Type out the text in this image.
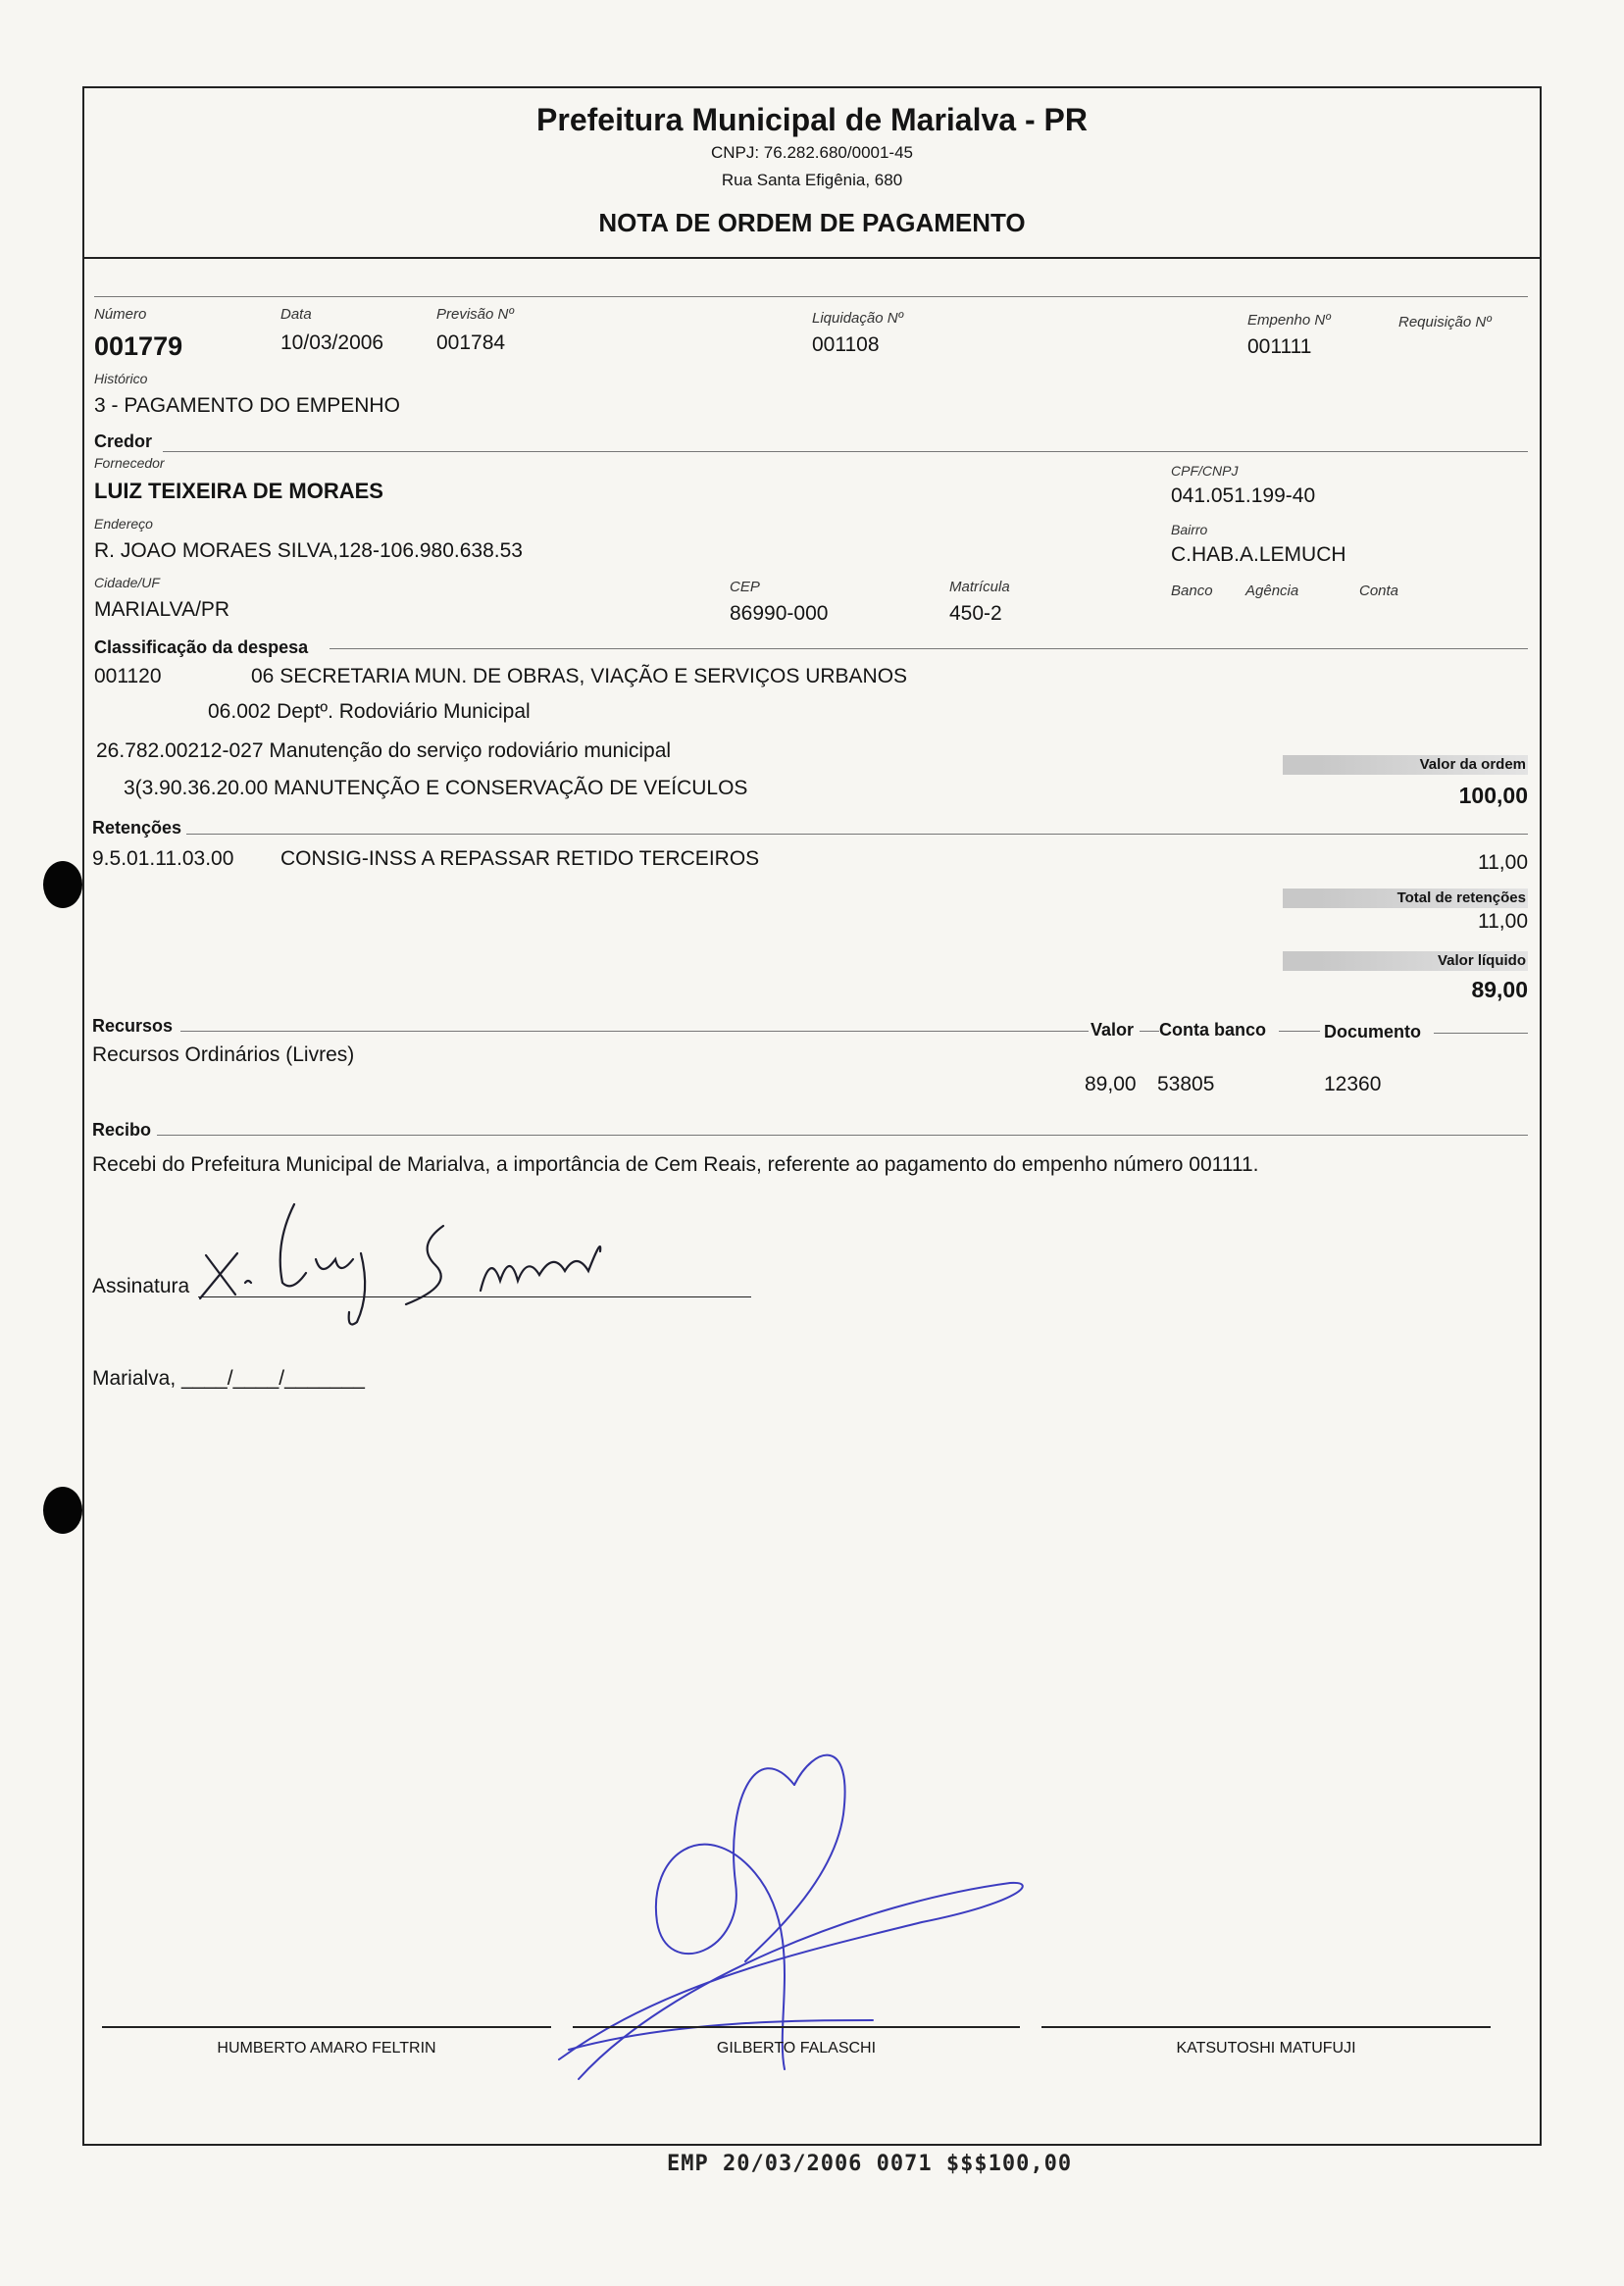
Prefeitura Municipal de Marialva - PR
CNPJ: 76.282.680/0001-45
Rua Santa Efigênia, 680
NOTA DE ORDEM DE PAGAMENTO
Número
001779
Data
10/03/2006
Previsão Nº
001784
Liquidação Nº
001108
Empenho Nº
001111
Requisição Nº
Histórico
3 - PAGAMENTO DO EMPENHO
Credor
Fornecedor
LUIZ TEIXEIRA DE MORAES
CPF/CNPJ
041.051.199-40
Endereço
R. JOAO MORAES SILVA,128-106.980.638.53
Bairro
C.HAB.A.LEMUCH
Cidade/UF
MARIALVA/PR
CEP
86990-000
Matrícula
450-2
Banco Agência	Conta
Classificação da despesa
001120	06 SECRETARIA MUN. DE OBRAS, VIAÇÃO E SERVIÇOS URBANOS
06.002 Deptº. Rodoviário Municipal
26.782.00212-027 Manutenção do serviço rodoviário municipal
3(3.90.36.20.00 MANUTENÇÃO E CONSERVAÇÃO DE VEÍCULOS
Valor da ordem
100,00
Retenções
9.5.01.11.03.00 CONSIG-INSS A REPASSAR RETIDO TERCEIROS	11,00
Total de retenções
11,00
Valor líquido
89,00
Recursos	Valor Conta banco	Documento
Recursos Ordinários (Livres)
89,00 53805	12360
Recibo
Recebi do Prefeitura Municipal de Marialva, a importância de Cem Reais, referente ao pagamento do empenho número 001111.
Assinatura
Marialva, ____/____/_______
HUMBERTO AMARO FELTRIN	GILBERTO FALASCHI	KATSUTOSHI MATUFUJI
EMP 20/03/2006 0071 $$$100,00
